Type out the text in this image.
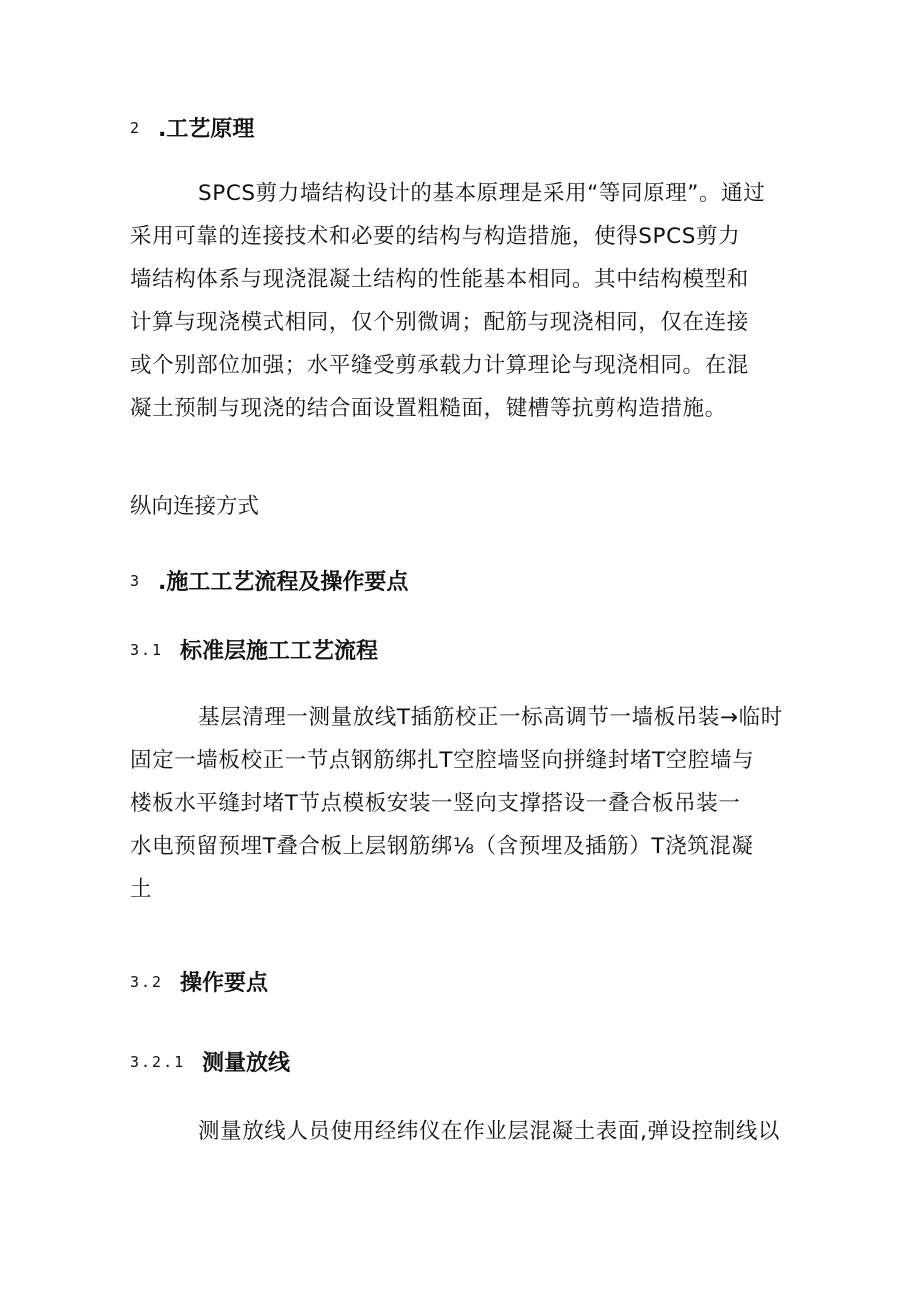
2 .工艺原理
SPCS剪力墙结构设计的基本原理是采用“等同原理”。通过
采用可靠的连接技术和必要的结构与构造措施，使得SPCS剪力
墙结构体系与现浇混凝土结构的性能基本相同。其中结构模型和
计算与现浇模式相同，仅个别微调；配筋与现浇相同，仅在连接
或个别部位加强；水平缝受剪承载力计算理论与现浇相同。在混
凝土预制与现浇的结合面设置粗糙面，键槽等抗剪构造措施。
纵向连接方式
3 .施工工艺流程及操作要点
3.1 标准层施工工艺流程
基层清理一测量放线T插筋校正一标高调节一墙板吊装→临时
固定一墙板校正一节点钢筋绑扎T空腔墙竖向拼缝封堵T空腔墙与
楼板水平缝封堵T节点模板安装一竖向支撑搭设一叠合板吊装一
水电预留预埋T叠合板上层钢筋绑⅛（含预埋及插筋）T浇筑混凝
土
3.2 操作要点
3.2.1 测量放线
测量放线人员使用经纬仪在作业层混凝土表面,弹设控制线以
